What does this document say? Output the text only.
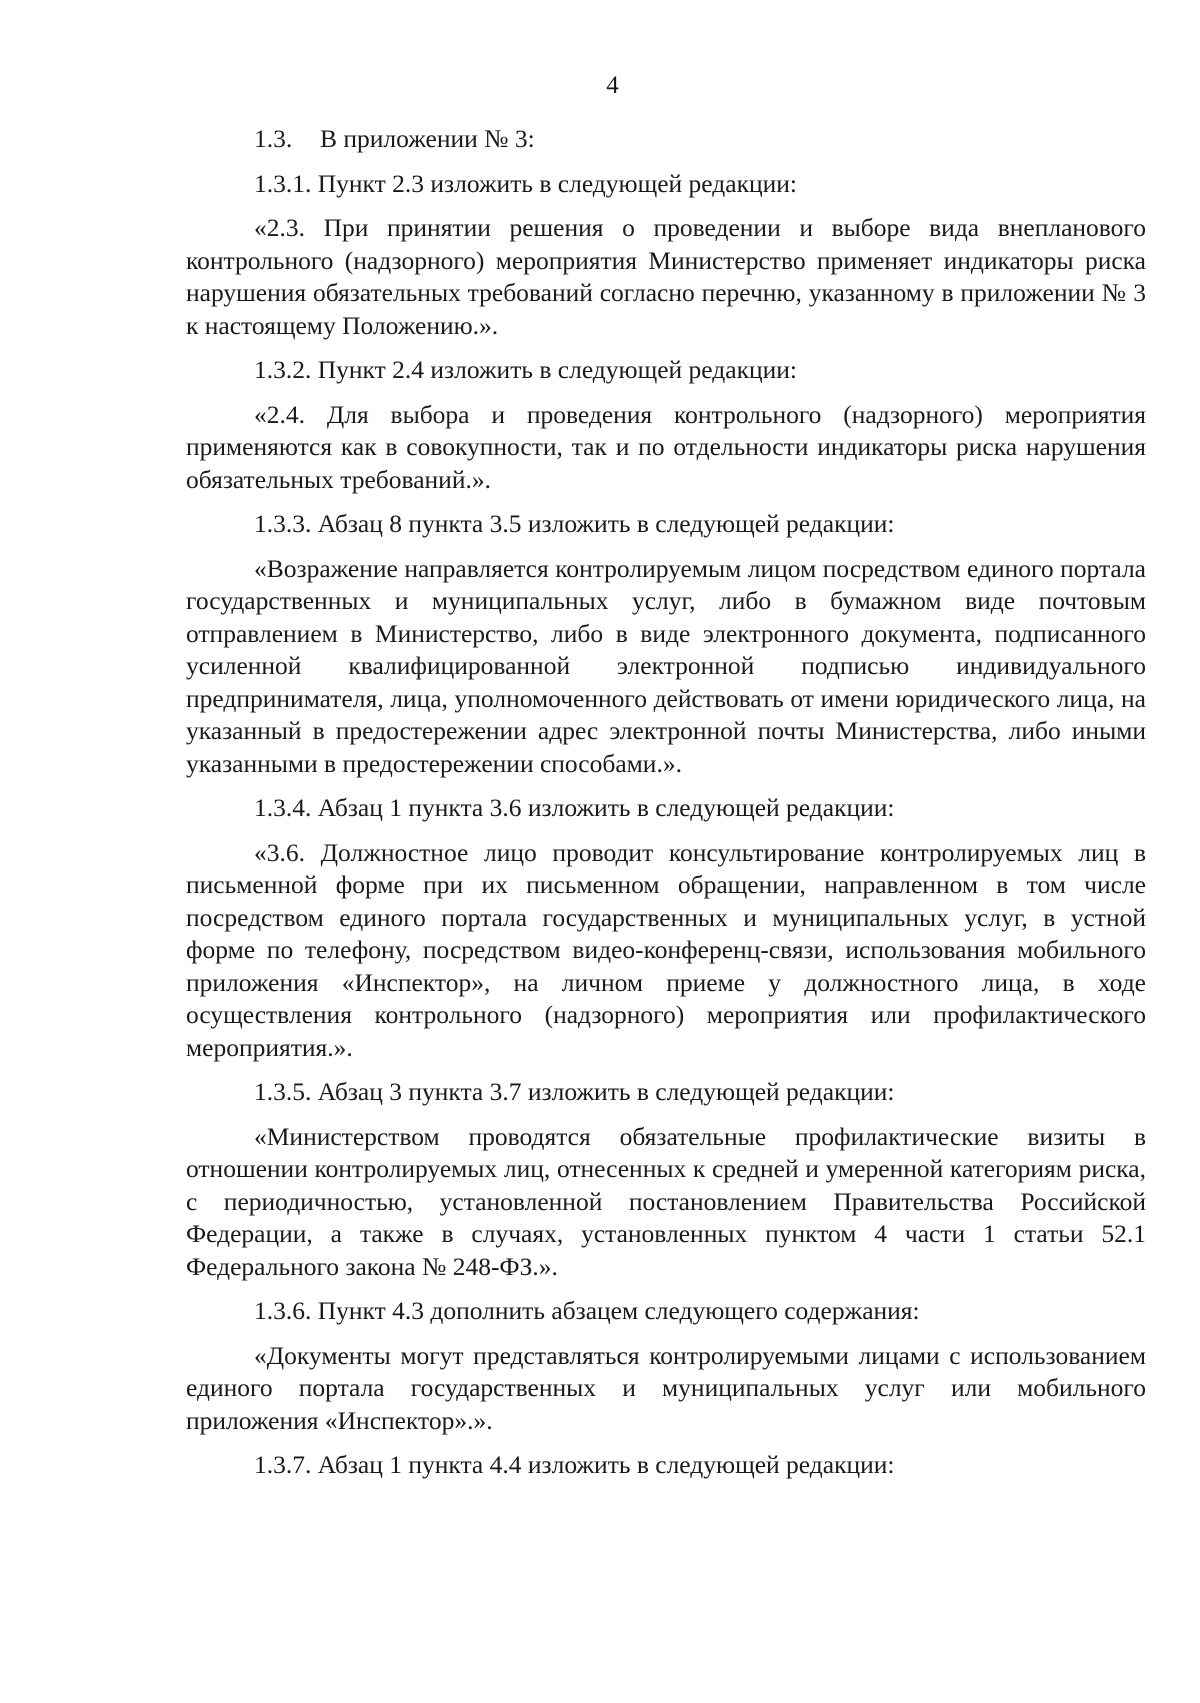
4

1.3. В приложении № 3:

1.3.1. Пункт 2.3 изложить в следующей редакции:

«2.3. При принятии решения о проведении и выборе вида внепланового контрольного (надзорного) мероприятия Министерство применяет индикаторы риска нарушения обязательных требований согласно перечню, указанному в приложении № 3 к настоящему Положению.».

1.3.2. Пункт 2.4 изложить в следующей редакции:

«2.4. Для выбора и проведения контрольного (надзорного) мероприятия применяются как в совокупности, так и по отдельности индикаторы риска нарушения обязательных требований.».

1.3.3. Абзац 8 пункта 3.5 изложить в следующей редакции:

«Возражение направляется контролируемым лицом посредством единого портала государственных и муниципальных услуг, либо в бумажном виде почтовым отправлением в Министерство, либо в виде электронного документа, подписанного усиленной квалифицированной электронной подписью индивидуального предпринимателя, лица, уполномоченного действовать от имени юридического лица, на указанный в предостережении адрес электронной почты Министерства, либо иными указанными в предостережении способами.».

1.3.4. Абзац 1 пункта 3.6 изложить в следующей редакции:

«3.6. Должностное лицо проводит консультирование контролируемых лиц в письменной форме при их письменном обращении, направленном в том числе посредством единого портала государственных и муниципальных услуг, в устной форме по телефону, посредством видео-конференц-связи, использования мобильного приложения «Инспектор», на личном приеме у должностного лица, в ходе осуществления контрольного (надзорного) мероприятия или профилактического мероприятия.».

1.3.5. Абзац 3 пункта 3.7 изложить в следующей редакции:

«Министерством проводятся обязательные профилактические визиты в отношении контролируемых лиц, отнесенных к средней и умеренной категориям риска, с периодичностью, установленной постановлением Правительства Российской Федерации, а также в случаях, установленных пунктом 4 части 1 статьи 52.1 Федерального закона № 248-ФЗ.».

1.3.6. Пункт 4.3 дополнить абзацем следующего содержания:

«Документы могут представляться контролируемыми лицами с использованием единого портала государственных и муниципальных услуг или мобильного приложения «Инспектор».».

1.3.7. Абзац 1 пункта 4.4 изложить в следующей редакции:
